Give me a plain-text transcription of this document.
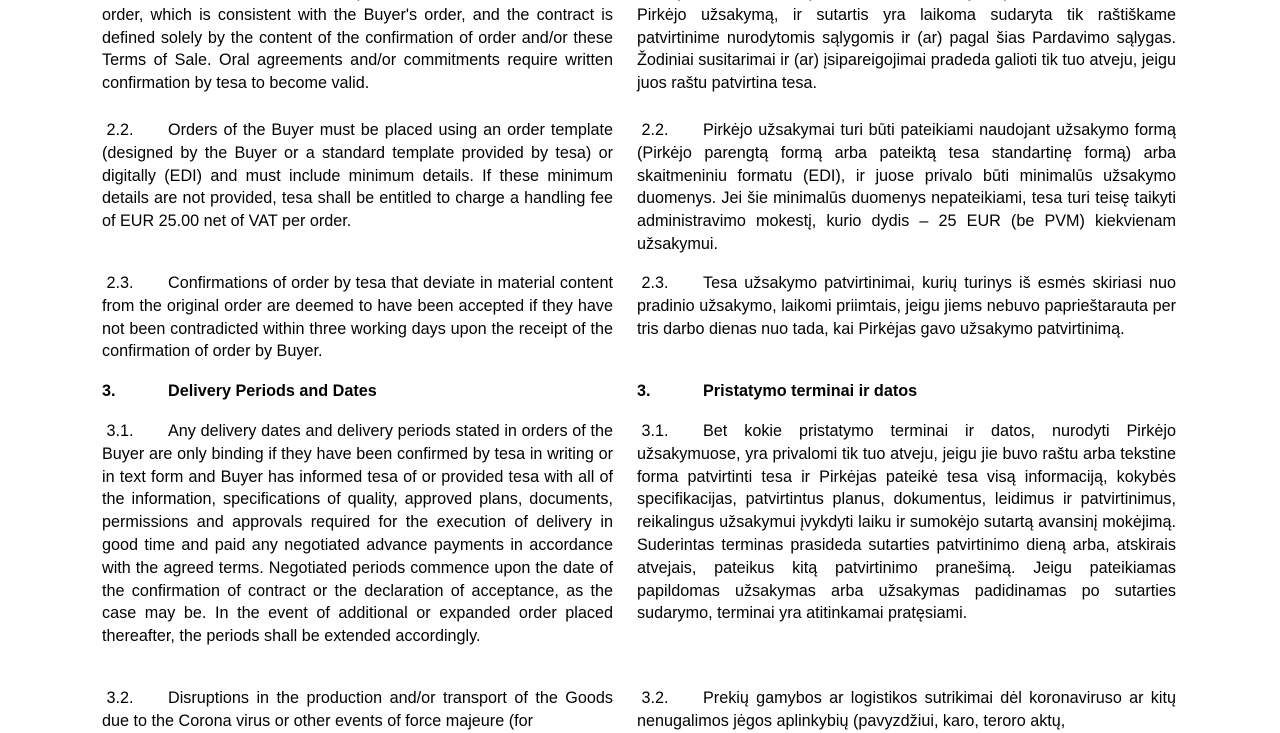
order, which is consistent with the Buyer's order, and the contract is defined solely by the content of the confirmation of order and/or these Terms of Sale. Oral agreements and/or commitments require written confirmation by tesa to become valid.

2.2. Orders of the Buyer must be placed using an order template (designed by the Buyer or a standard template provided by tesa) or digitally (EDI) and must include minimum details. If these minimum details are not provided, tesa shall be entitled to charge a handling fee of EUR 25.00 net of VAT per order.

2.3. Confirmations of order by tesa that deviate in material content from the original order are deemed to have been accepted if they have not been contradicted within three working days upon the receipt of the confirmation of order by Buyer.

3.	Delivery Periods and Dates

3.1. Any delivery dates and delivery periods stated in orders of the Buyer are only binding if they have been confirmed by tesa in writing or in text form and Buyer has informed tesa of or provided tesa with all of the information, specifications of quality, approved plans, documents, permissions and approvals required for the execution of delivery in good time and paid any negotiated advance payments in accordance with the agreed terms. Negotiated periods commence upon the date of the confirmation of contract or the declaration of acceptance, as the case may be. In the event of additional or expanded order placed thereafter, the periods shall be extended accordingly.

3.2. Disruptions in the production and/or transport of the Goods due to the Corona virus or other events of force majeure (for

Pirkėjo užsakymą, ir sutartis yra laikoma sudaryta tik raštiškame patvirtinime nurodytomis sąlygomis ir (ar) pagal šias Pardavimo sąlygas. Žodiniai susitarimai ir (ar) įsipareigojimai pradeda galioti tik tuo atveju, jeigu juos raštu patvirtina tesa.

2.2. Pirkėjo užsakymai turi būti pateikiami naudojant užsakymo formą (Pirkėjo parengtą formą arba pateiktą tesa standartinę formą) arba skaitmeniniu formatu (EDI), ir juose privalo būti minimalūs užsakymo duomenys. Jei šie minimalūs duomenys nepateikiami, tesa turi teisę taikyti administravimo mokestį, kurio dydis – 25 EUR (be PVM) kiekvienam užsakymui.

2.3. Tesa užsakymo patvirtinimai, kurių turinys iš esmės skiriasi nuo pradinio užsakymo, laikomi priimtais, jeigu jiems nebuvo paprieštarauta per tris darbo dienas nuo tada, kai Pirkėjas gavo užsakymo patvirtinimą.

3.	Pristatymo terminai ir datos

3.1. Bet kokie pristatymo terminai ir datos, nurodyti Pirkėjo užsakymuose, yra privalomi tik tuo atveju, jeigu jie buvo raštu arba tekstine forma patvirtinti tesa ir Pirkėjas pateikė tesa visą informaciją, kokybės specifikacijas, patvirtintus planus, dokumentus, leidimus ir patvirtinimus, reikalingus užsakymui įvykdyti laiku ir sumokėjo sutartą avansinį mokėjimą. Suderintas terminas prasideda sutarties patvirtinimo dieną arba, atskirais atvejais, pateikus kitą patvirtinimo pranešimą. Jeigu pateikiamas papildomas užsakymas arba užsakymas padidinamas po sutarties sudarymo, terminai yra atitinkamai pratęsiami.

3.2. Prekių gamybos ar logistikos sutrikimai dėl koronaviruso ar kitų nenugalimos jėgos aplinkybių (pavyzdžiui, karo, teroro aktų,
